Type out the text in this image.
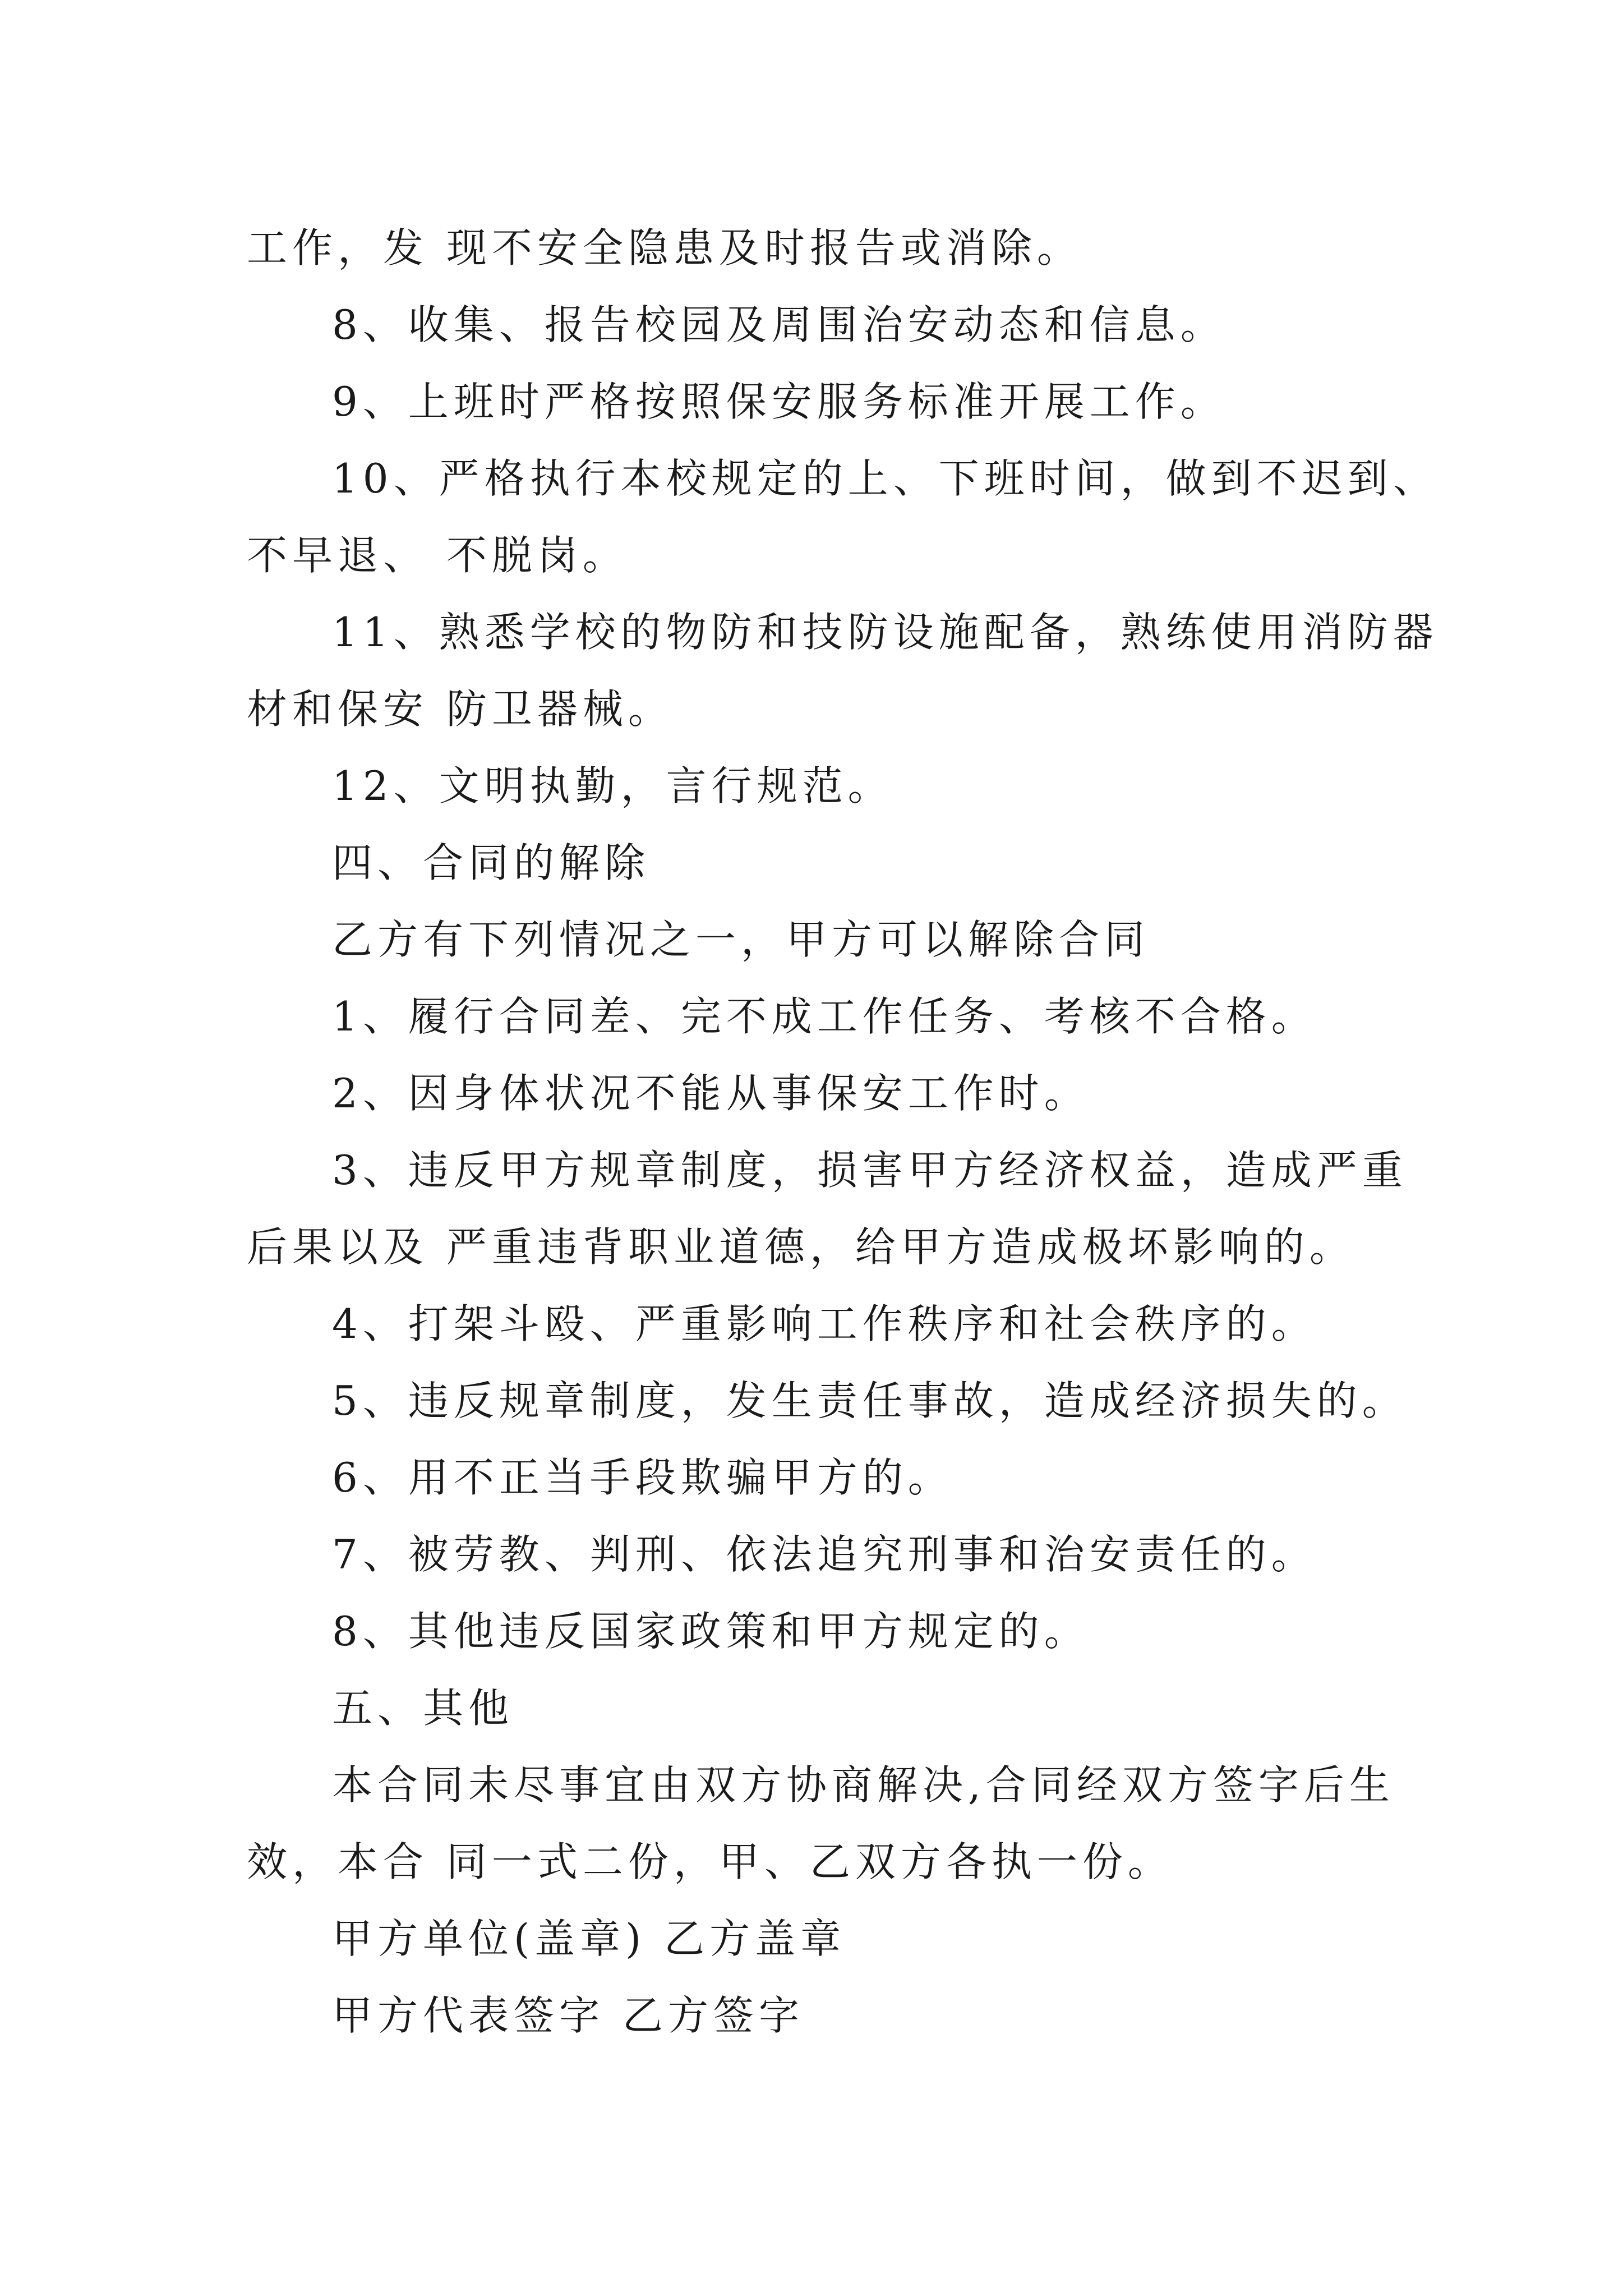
工作，发 现不安全隐患及时报告或消除。

8、收集、报告校园及周围治安动态和信息。

9、上班时严格按照保安服务标准开展工作。

10、严格执行本校规定的上、下班时间，做到不迟到、

不早退、 不脱岗。

11、熟悉学校的物防和技防设施配备，熟练使用消防器

材和保安 防卫器械。

12、文明执勤，言行规范。

四、合同的解除

乙方有下列情况之一，甲方可以解除合同

1、履行合同差、完不成工作任务、考核不合格。

2、因身体状况不能从事保安工作时。

3、违反甲方规章制度，损害甲方经济权益，造成严重

后果以及 严重违背职业道德，给甲方造成极坏影响的。

4、打架斗殴、严重影响工作秩序和社会秩序的。

5、违反规章制度，发生责任事故，造成经济损失的。

6、用不正当手段欺骗甲方的。

7、被劳教、判刑、依法追究刑事和治安责任的。

8、其他违反国家政策和甲方规定的。

五、其他

本合同未尽事宜由双方协商解决,合同经双方签字后生

效，本合 同一式二份，甲、乙双方各执一份。

甲方单位(盖章) 乙方盖章

甲方代表签字 乙方签字
